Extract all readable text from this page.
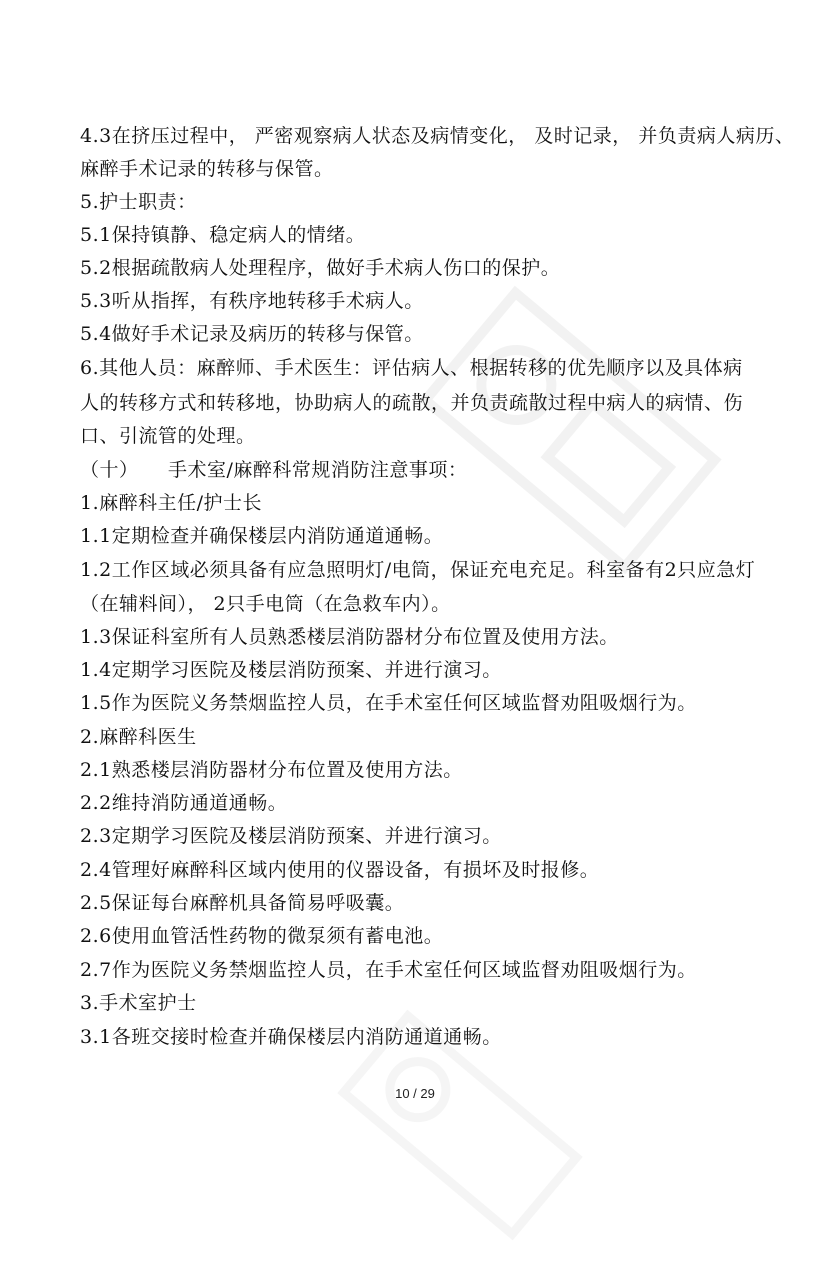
4.3在挤压过程中， 严密观察病人状态及病情变化， 及时记录， 并负责病人病历、
麻醉手术记录的转移与保管。
5.护士职责：
5.1保持镇静、稳定病人的情绪。
5.2根据疏散病人处理程序，做好手术病人伤口的保护。
5.3听从指挥，有秩序地转移手术病人。
5.4做好手术记录及病历的转移与保管。
6.其他人员：麻醉师、手术医生：评估病人、根据转移的优先顺序以及具体病
人的转移方式和转移地，协助病人的疏散，并负责疏散过程中病人的病情、伤
口、引流管的处理。
（十）　　手术室/麻醉科常规消防注意事项：
1.麻醉科主任/护士长
1.1定期检查并确保楼层内消防通道通畅。
1.2工作区域必须具备有应急照明灯/电筒，保证充电充足。科室备有2只应急灯
（在辅料间）， 2只手电筒（在急救车内）。
1.3保证科室所有人员熟悉楼层消防器材分布位置及使用方法。
1.4定期学习医院及楼层消防预案、并进行演习。
1.5作为医院义务禁烟监控人员，在手术室任何区域监督劝阻吸烟行为。
2.麻醉科医生
2.1熟悉楼层消防器材分布位置及使用方法。
2.2维持消防通道通畅。
2.3定期学习医院及楼层消防预案、并进行演习。
2.4管理好麻醉科区域内使用的仪器设备，有损坏及时报修。
2.5保证每台麻醉机具备简易呼吸囊。
2.6使用血管活性药物的微泵须有蓄电池。
2.7作为医院义务禁烟监控人员，在手术室任何区域监督劝阻吸烟行为。
3.手术室护士
3.1各班交接时检查并确保楼层内消防通道通畅。
10 / 29
